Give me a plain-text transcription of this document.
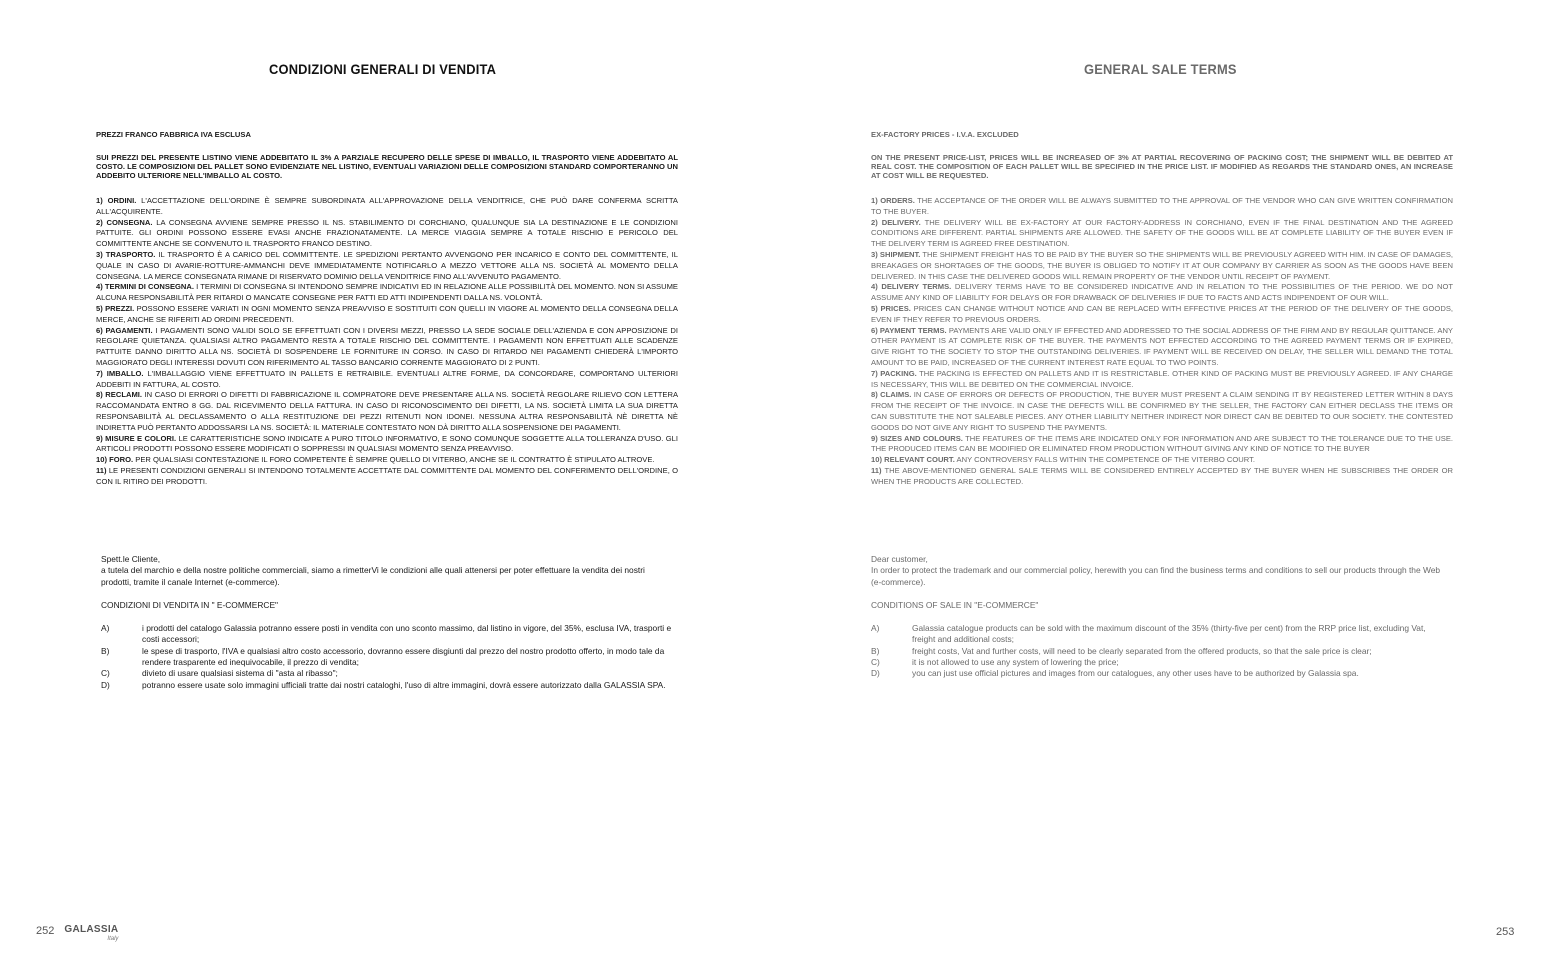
CONDIZIONI GENERALI DI VENDITA
PREZZI FRANCO FABBRICA IVA ESCLUSA
SUI PREZZI DEL PRESENTE LISTINO VIENE ADDEBITATO IL 3% A PARZIALE RECUPERO DELLE SPESE DI IMBALLO, IL TRASPORTO VIENE ADDEBITATO AL COSTO. LE COMPOSIZIONI DEL PALLET SONO EVIDENZIATE NEL LISTINO, EVENTUALI VARIAZIONI DELLE COMPOSIZIONI STANDARD COMPORTERANNO UN ADDEBITO ULTERIORE NELL'IMBALLO AL COSTO.

1) ORDINI. L'ACCETTAZIONE DELL'ORDINE È SEMPRE SUBORDINATA ALL'APPROVAZIONE DELLA VENDITRICE, CHE PUÒ DARE CONFERMA SCRITTA ALL'ACQUIRENTE.

2) CONSEGNA. LA CONSEGNA AVVIENE SEMPRE PRESSO IL NS. STABILIMENTO DI CORCHIANO, QUALUNQUE SIA LA DESTINAZIONE E LE CONDIZIONI PATTUITE. GLI ORDINI POSSONO ESSERE EVASI ANCHE FRAZIONATAMENTE. LA MERCE VIAGGIA SEMPRE A TOTALE RISCHIO E PERICOLO DEL COMMITTENTE ANCHE SE CONVENUTO IL TRASPORTO FRANCO DESTINO.

3) TRASPORTO. IL TRASPORTO È A CARICO DEL COMMITTENTE. LE SPEDIZIONI PERTANTO AVVENGONO PER INCARICO E CONTO DEL COMMITTENTE, IL QUALE IN CASO DI AVARIE-ROTTURE-AMMANCHI DEVE IMMEDIATAMENTE NOTIFICARLO A MEZZO VETTORE ALLA NS. SOCIETÀ AL MOMENTO DELLA CONSEGNA. LA MERCE CONSEGNATA RIMANE DI RISERVATO DOMINIO DELLA VENDITRICE FINO ALL'AVVENUTO PAGAMENTO.

4) TERMINI DI CONSEGNA. I TERMINI DI CONSEGNA SI INTENDONO SEMPRE INDICATIVI ED IN RELAZIONE ALLE POSSIBILITÀ DEL MOMENTO. NON SI ASSUME ALCUNA RESPONSABILITÀ PER RITARDI O MANCATE CONSEGNE PER FATTI ED ATTI INDIPENDENTI DALLA NS. VOLONTÀ.

5) PREZZI. POSSONO ESSERE VARIATI IN OGNI MOMENTO SENZA PREAVVISO E SOSTITUITI CON QUELLI IN VIGORE AL MOMENTO DELLA CONSEGNA DELLA MERCE, ANCHE SE RIFERITI AD ORDINI PRECEDENTI.

6) PAGAMENTI. I PAGAMENTI SONO VALIDI SOLO SE EFFETTUATI CON I DIVERSI MEZZI, PRESSO LA SEDE SOCIALE DELL'AZIENDA E CON APPOSIZIONE DI REGOLARE QUIETANZA. QUALSIASI ALTRO PAGAMENTO RESTA A TOTALE RISCHIO DEL COMMITTENTE. I PAGAMENTI NON EFFETTUATI ALLE SCADENZE PATTUITE DANNO DIRITTO ALLA NS. SOCIETÀ DI SOSPENDERE LE FORNITURE IN CORSO. IN CASO DI RITARDO NEI PAGAMENTI CHIEDERÀ L'IMPORTO MAGGIORATO DEGLI INTERESSI DOVUTI CON RIFERIMENTO AL TASSO BANCARIO CORRENTE MAGGIORATO DI 2 PUNTI.

7) IMBALLO. L'IMBALLAGGIO VIENE EFFETTUATO IN PALLETS E RETRAIBILE. EVENTUALI ALTRE FORME, DA CONCORDARE, COMPORTANO ULTERIORI ADDEBITI IN FATTURA, AL COSTO.

8) RECLAMI. IN CASO DI ERRORI O DIFETTI DI FABBRICAZIONE IL COMPRATORE DEVE PRESENTARE ALLA NS. SOCIETÀ REGOLARE RILIEVO CON LETTERA RACCOMANDATA ENTRO 8 GG. DAL RICEVIMENTO DELLA FATTURA. IN CASO DI RICONOSCIMENTO DEI DIFETTI, LA NS. SOCIETÀ LIMITA LA SUA DIRETTA RESPONSABILITÀ AL DECLASSAMENTO O ALLA RESTITUZIONE DEI PEZZI RITENUTI NON IDONEI. NESSUNA ALTRA RESPONSABILITÀ NÈ DIRETTA NÈ INDIRETTA PUÒ PERTANTO ADDOSSARSI LA NS. SOCIETÀ: IL MATERIALE CONTESTATO NON DÀ DIRITTO ALLA SOSPENSIONE DEI PAGAMENTI.

9) MISURE E COLORI. LE CARATTERISTICHE SONO INDICATE A PURO TITOLO INFORMATIVO, E SONO COMUNQUE SOGGETTE ALLA TOLLERANZA D'USO. GLI ARTICOLI PRODOTTI POSSONO ESSERE MODIFICATI O SOPPRESSI IN QUALSIASI MOMENTO SENZA PREAVVISO.

10) FORO. PER QUALSIASI CONTESTAZIONE IL FORO COMPETENTE È SEMPRE QUELLO DI VITERBO, ANCHE SE IL CONTRATTO È STIPULATO ALTROVE.

11) LE PRESENTI CONDIZIONI GENERALI SI INTENDONO TOTALMENTE ACCETTATE DAL COMMITTENTE DAL MOMENTO DEL CONFERIMENTO DELL'ORDINE, O CON IL RITIRO DEI PRODOTTI.

Spett.le Cliente,

a tutela del marchio e della nostre politiche commerciali, siamo a rimetterVi le condizioni alle quali attenersi per poter effettuare la vendita dei nostri prodotti, tramite il canale Internet (e-commerce).

CONDIZIONI DI VENDITA IN " E-COMMERCE"

A)	i prodotti del catalogo Galassia potranno essere posti in vendita con uno sconto massimo, dal listino in vigore, del 35%, esclusa IVA, trasporti e costi accessori;
B)	le spese di trasporto, l'IVA e qualsiasi altro costo accessorio, dovranno essere disgiunti dal prezzo del nostro prodotto offerto, in modo tale da rendere trasparente ed inequivocabile, il prezzo di vendita;
C)	divieto di usare qualsiasi sistema di "asta al ribasso";
D)	potranno essere usate solo immagini ufficiali tratte dai nostri cataloghi, l'uso di altre immagini, dovrà essere autorizzato dalla GALASSIA SPA.
GENERAL SALE TERMS
EX-FACTORY PRICES - I.V.A. EXCLUDED
ON THE PRESENT PRICE-LIST, PRICES WILL BE INCREASED OF 3% AT PARTIAL RECOVERING OF PACKING COST; THE SHIPMENT WILL BE DEBITED AT REAL COST. THE COMPOSITION OF EACH PALLET WILL BE SPECIFIED IN THE PRICE LIST. IF MODIFIED AS REGARDS THE STANDARD ONES, AN INCREASE AT COST WILL BE REQUESTED.

1) ORDERS. THE ACCEPTANCE OF THE ORDER WILL BE ALWAYS SUBMITTED TO THE APPROVAL OF THE VENDOR WHO CAN GIVE WRITTEN CONFIRMATION TO THE BUYER.

2) DELIVERY. THE DELIVERY WILL BE EX-FACTORY AT OUR FACTORY-ADDRESS IN CORCHIANO, EVEN IF THE FINAL DESTINATION AND THE AGREED CONDITIONS ARE DIFFERENT. PARTIAL SHIPMENTS ARE ALLOWED. THE SAFETY OF THE GOODS WILL BE AT COMPLETE LIABILITY OF THE BUYER EVEN IF THE DELIVERY TERM IS AGREED FREE DESTINATION.

3) SHIPMENT. THE SHIPMENT FREIGHT HAS TO BE PAID BY THE BUYER SO THE SHIPMENTS WILL BE PREVIOUSLY AGREED WITH HIM. IN CASE OF DAMAGES, BREAKAGES OR SHORTAGES OF THE GOODS, THE BUYER IS OBLIGED TO NOTIFY IT AT OUR COMPANY BY CARRIER AS SOON AS THE GOODS HAVE BEEN DELIVERED. IN THIS CASE THE DELIVERED GOODS WILL REMAIN PROPERTY OF THE VENDOR UNTIL RECEIPT OF PAYMENT.

4) DELIVERY TERMS. DELIVERY TERMS HAVE TO BE CONSIDERED INDICATIVE AND IN RELATION TO THE POSSIBILITIES OF THE PERIOD. WE DO NOT ASSUME ANY KIND OF LIABILITY FOR DELAYS OR FOR DRAWBACK OF DELIVERIES IF DUE TO FACTS AND ACTS INDIPENDENT OF OUR WILL.

5) PRICES. PRICES CAN CHANGE WITHOUT NOTICE AND CAN BE REPLACED WITH EFFECTIVE PRICES AT THE PERIOD OF THE DELIVERY OF THE GOODS, EVEN IF THEY REFER TO PREVIOUS ORDERS.

6) PAYMENT TERMS. PAYMENTS ARE VALID ONLY IF EFFECTED AND ADDRESSED TO THE SOCIAL ADDRESS OF THE FIRM AND BY REGULAR QUITTANCE. ANY OTHER PAYMENT IS AT COMPLETE RISK OF THE BUYER. THE PAYMENTS NOT EFFECTED ACCORDING TO THE AGREED PAYMENT TERMS OR IF EXPIRED, GIVE RIGHT TO THE SOCIETY TO STOP THE OUTSTANDING DELIVERIES. IF PAYMENT WILL BE RECEIVED ON DELAY, THE SELLER WILL DEMAND THE TOTAL AMOUNT TO BE PAID, INCREASED OF THE CURRENT INTEREST RATE EQUAL TO TWO POINTS.

7) PACKING. THE PACKING IS EFFECTED ON PALLETS AND IT IS RESTRICTABLE. OTHER KIND OF PACKING MUST BE PREVIOUSLY AGREED. IF ANY CHARGE IS NECESSARY, THIS WILL BE DEBITED ON THE COMMERCIAL INVOICE.

8) CLAIMS. IN CASE OF ERRORS OR DEFECTS OF PRODUCTION, THE BUYER MUST PRESENT A CLAIM SENDING IT BY REGISTERED LETTER WITHIN 8 DAYS FROM THE RECEIPT OF THE INVOICE. IN CASE THE DEFECTS WILL BE CONFIRMED BY THE SELLER, THE FACTORY CAN EITHER DECLASS THE ITEMS OR CAN SUBSTITUTE THE NOT SALEABLE PIECES. ANY OTHER LIABILITY NEITHER INDIRECT NOR DIRECT CAN BE DEBITED TO OUR SOCIETY. THE CONTESTED GOODS DO NOT GIVE ANY RIGHT TO SUSPEND THE PAYMENTS.

9) SIZES AND COLOURS. THE FEATURES OF THE ITEMS ARE INDICATED ONLY FOR INFORMATION AND ARE SUBJECT TO THE TOLERANCE DUE TO THE USE. THE PRODUCED ITEMS CAN BE MODIFIED OR ELIMINATED FROM PRODUCTION WITHOUT GIVING ANY KIND OF NOTICE TO THE BUYER

10) RELEVANT COURT. ANY CONTROVERSY FALLS WITHIN THE COMPETENCE OF THE VITERBO COURT.

11) THE ABOVE-MENTIONED GENERAL SALE TERMS WILL BE CONSIDERED ENTIRELY ACCEPTED BY THE BUYER WHEN HE SUBSCRIBES THE ORDER OR WHEN THE PRODUCTS ARE COLLECTED.

Dear customer,

In order to protect the trademark and our commercial policy, herewith you can find the business terms and conditions to sell our products through the Web (e-commerce).

CONDITIONS OF SALE IN "E-COMMERCE"

A)	Galassia catalogue products can be sold with the maximum discount of the 35% (thirty-five per cent) from the RRP price list, excluding Vat, freight and additional costs;
B)	freight costs, Vat and further costs, will need to be clearly separated from the offered products, so that the sale price is clear;
C)	it is not allowed to use any system of lowering the price;
D)	you can just use official pictures and images from our catalogues, any other uses have to be authorized by Galassia spa.
252 GALASSIA
Italy
253
